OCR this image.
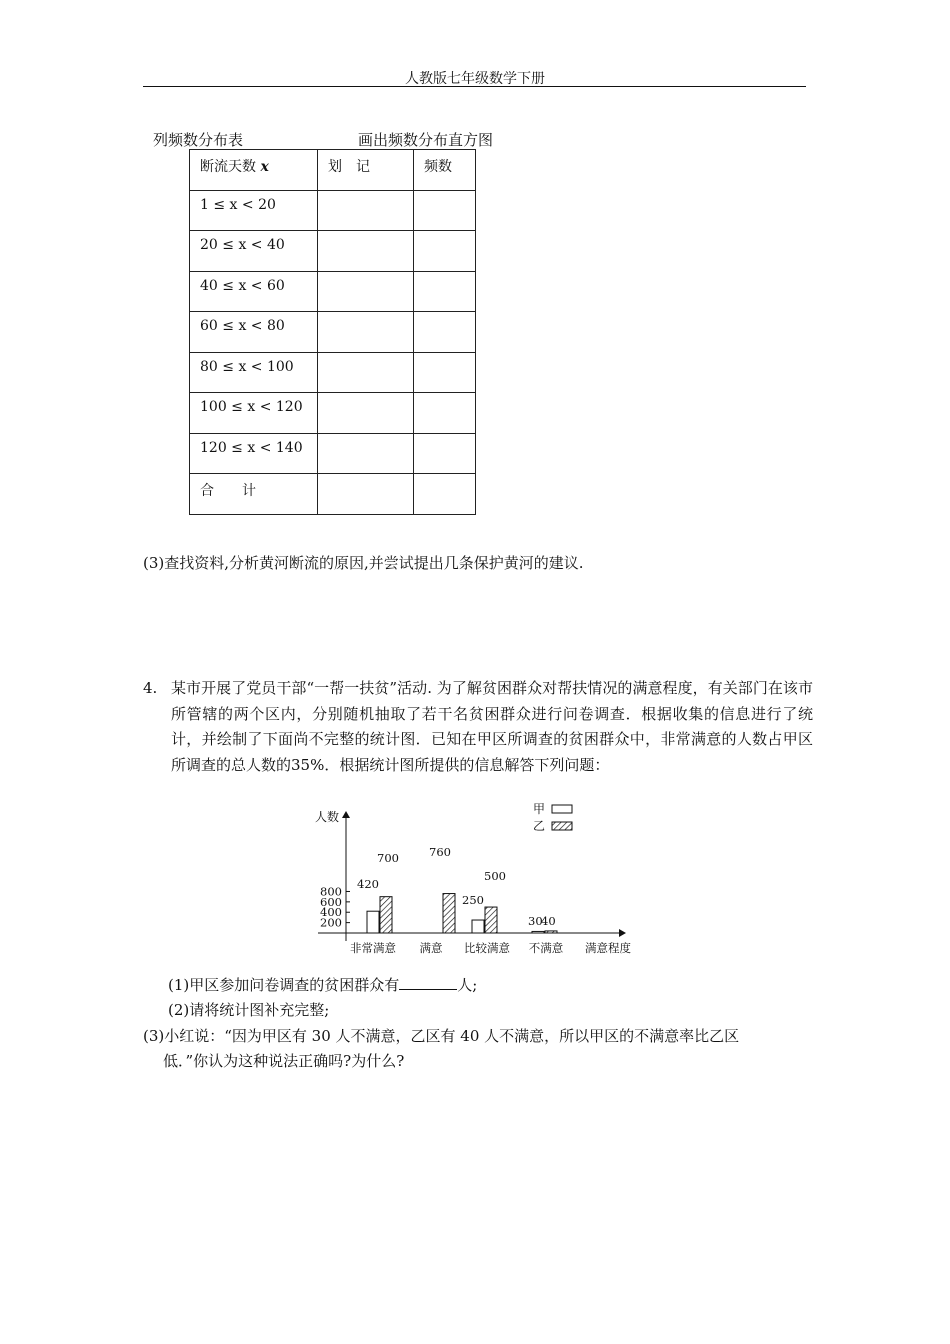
人教版七年级数学下册
列频数分布表	画出频数分布直方图
断流天数 x	划　记	频数
1 ≤ x < 20		
20 ≤ x < 40		
40 ≤ x < 60		
60 ≤ x < 80		
80 ≤ x < 100		
100 ≤ x < 120		
120 ≤ x < 140		
合　　计		
(3)查找资料,分析黄河断流的原因,并尝试提出几条保护黄河的建议.
4. 某市开展了党员干部“一帮一扶贫”活动. 为了解贫困群众对帮扶情况的满意程度，有关部门在该市所管辖的两个区内，分别随机抽取了若干名贫困群众进行问卷调查．根据收集的信息进行了统计，并绘制了下面尚不完整的统计图．已知在甲区所调查的贫困群众中，非常满意的人数占甲区所调查的总人数的35%．根据统计图所提供的信息解答下列问题：
人数
200
400
600
800
420
700	760
250
500
30
40
非常满意 满意 比较满意 不满意 满意程度
甲
乙
(1)甲区参加问卷调查的贫困群众有	人;
(2)请将统计图补充完整;
(3)小红说：“因为甲区有 30 人不满意，乙区有 40 人不满意，所以甲区的不满意率比乙区
低．”你认为这种说法正确吗?为什么?
